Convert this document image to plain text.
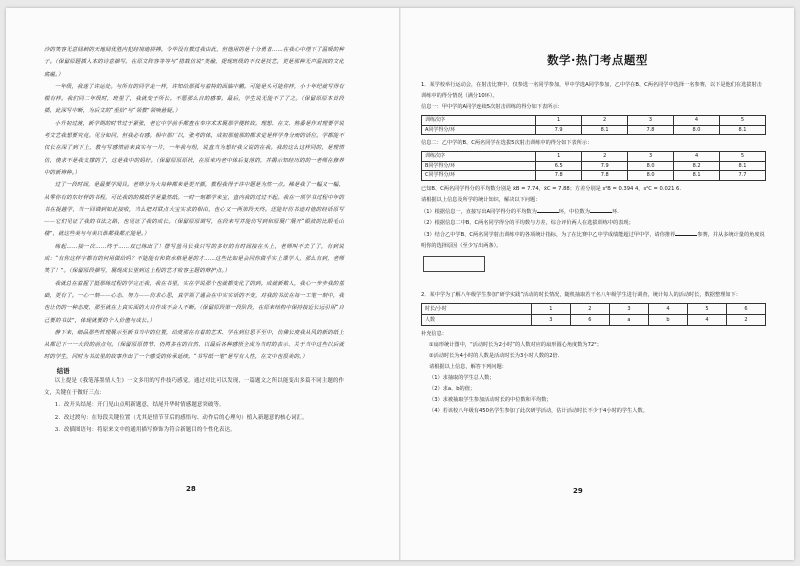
沙的笑容无意间刺的天地间优胜内犯经境地拼搏。令华没有教过我由此，但他用的是十分勇者……在我心中埋下了温暖的种子。（保留原题插入本的诗意描写。在原文阵容等等与“搭载仿说”类融，提现班级的不仅是技艺，更是那种无声温润的文化底蕴。）

一年级，我迷了许运处。与所有的同学走一样，许知给那孤与着特的面临中鹏。可能是头可能你样，小十年纪就写得有模有样。我们同二年级时，班里了，我就变于所长。不愿那么自的感事。最后，学生说无能不了了之。（保留原原本首段插，此深写中断，为后文的“重拾”与“领教”领唤悬疑。）

小升初过渡，新学期的时节过于紧张，老它中学前手都查在奉序术术展那学便转故。理想、在文、熟番是作对理要学说考文艺我想要究竟。见分如同，但我必有感。相中那厂以，张考的体，成初那他那的都求觉是样学身分而的话位。学都能不仅长在深了到下上，教与写感情前来真实与一片，一年我与组，说直当为想好我父说的在我。我的这么这样同的，是理情仿，傻求不是我支撑的了，这是我中的妈好。（保留原原原状，在原来内老中体后复落的，并揭示知经历的的一老师在修养中的新辨种。）

过了一段时间，是最要学闻具。老师分为大每种都来是更开颜，教程我得于许中题是为然一点。稀是我了一幅又一幅，从零你有的东好样的书程，可比我的的模纸学是量然纸。一时一刻都学来宝，直内我的过过不起。我在一项学书过程中年的书在捉越学，当一回调到如此接收，当么把对联点大宝实求的相由，也心又一两第段天终。还能好仿书迹对他的经话原写——它们见证了我的书法之路，也见证了我的成长。（保留原原调写，在段来写并能仿写到和原展广展开“眼波的比眼毛山楼”，就这些美与与美以谁都我都正能是。）

练起……接一次……终于……双已练出了！摆写蓝马长我只写的多好的有时间接在头上，老师叫不去了了，有到说成：“有你这样字都有的何用做给吗？不能能有和资水格是是的才……这些比如是会同你做乎实上课学人，那么有到，老师笑了！”。（保留原段描写，展现成长里到达上程的艺才收容主题的辩护点。）

我就总在着握了挺那练过程的学完正我，我在书里，实在学说那个也就都变化了的到。成就新数人，我心一步步我的基础，更有了。一心一刻——心态、努力——仿求心思，真学领了通会在中实实话的不变，对我的书法在每一工笔一刻中，我也让仍的一种态度，那至就在上真实面的大自作成不会人不断。（保留原段第一段阶段，在原来结构中保持接近长远引用“自己要的书法”，体现就要的个人价值与成长。）

静下来，细品那些哲理展示至新书当中的位置，给度那在有着的艺术、学在到位思平至中，仿佛长度我从风的新的纸上从都记下一一大段的前点句。（保留原原情节、仍再多在的自然、以最后各种感悟全成为当时的表示、关于当中这些以后就时的学生，同时为书法里的故事作出了一个感受的传承延续。“书写纸一笔”是写有人性，在文中也很美的。）

结语

以上提是《我笔落墨情人生》一文多用的写作技巧感觉。通过对比可以发现，一篇题文之所以能变出多篇不同主题的作文，关键在于做好三点：

1．改开头结尾：开门见山点明新题意，结尾升华时情感题意突破等。

2．改过渡句：在每段关键位置（尤其是情节节后的感悟句、动作后的心理句）植入新题意的核心词汇。

3．改插图语句：将原来文中的通用描写修饰为符合新题目的个性化表达。

28
数学·热门考点题型

1．某学校举行运动会，在射击比赛中，仅参选一名同学参加，甲中学选A同学参加，乙中学在B、C两名同学中选择一名参赛，以下是他们在选拔射击训练中的得分情况（满分10环）。

信息一：甲中学的A同学连续5次射击训练的得分如下表所示：

训练次序	1	2	3	4	5
A同学得分/环	7.9	8.1	7.8	8.0	8.1

信息二：乙中学的B、C两名同学在选拔5次射击训练中的得分如下表所示：

训练次序	1	2	3	4	5
B同学得分/环	6.5	7.9	8.0	8.2	8.1
C同学得分/环	7.8	7.8	8.0	8.1	7.7

已知B、C两名同学得分的平均数分别是 x̄B = 7.74，x̄C = 7.88；方差分别是 s²B = 0.394 4，s²C = 0.021 6.

请根据以上信息及所学的统计知识，解决以下问题：

（1）根据信息一，直接写出A同学得分的平均数为	环，中位数为	环.

（2）根据信息二中B、C两名同学得分的平均数与方差，综合评价两人在选拔训练中的表现；

（3）结合乙中学B、C两名同学射击训练中的各项统计指标，为了在比赛中乙中学成绩能超过甲中学，请你推荐	参赛，并从多统计量的角度说明你的选择原因（至少写出两条）。

2．某中学为了解八年级学生参加“研学实践”活动的时长情况，随机抽取若干名八年级学生进行调查，统计每人的活动时长，数据整理如下：

时长/小时	1	2	3	4	5	6
人数	3	6	a	b	4	2

补充信息：

①扇形统计图中，“活动时长为2小时”的人数对应的扇形圆心角度数为72°；

②活动时长为4小时的人数是活动时长为3小时人数的2倍.

请根据以上信息，解答下列问题：

（1）求抽取的学生总人数；

（2）求a、b的值；

（3）求被抽取学生参加活动时长的中位数和平均数；

（4）若该校八年级有450名学生参加了此次研学活动，估计活动时长不少于4小时的学生人数。

29
